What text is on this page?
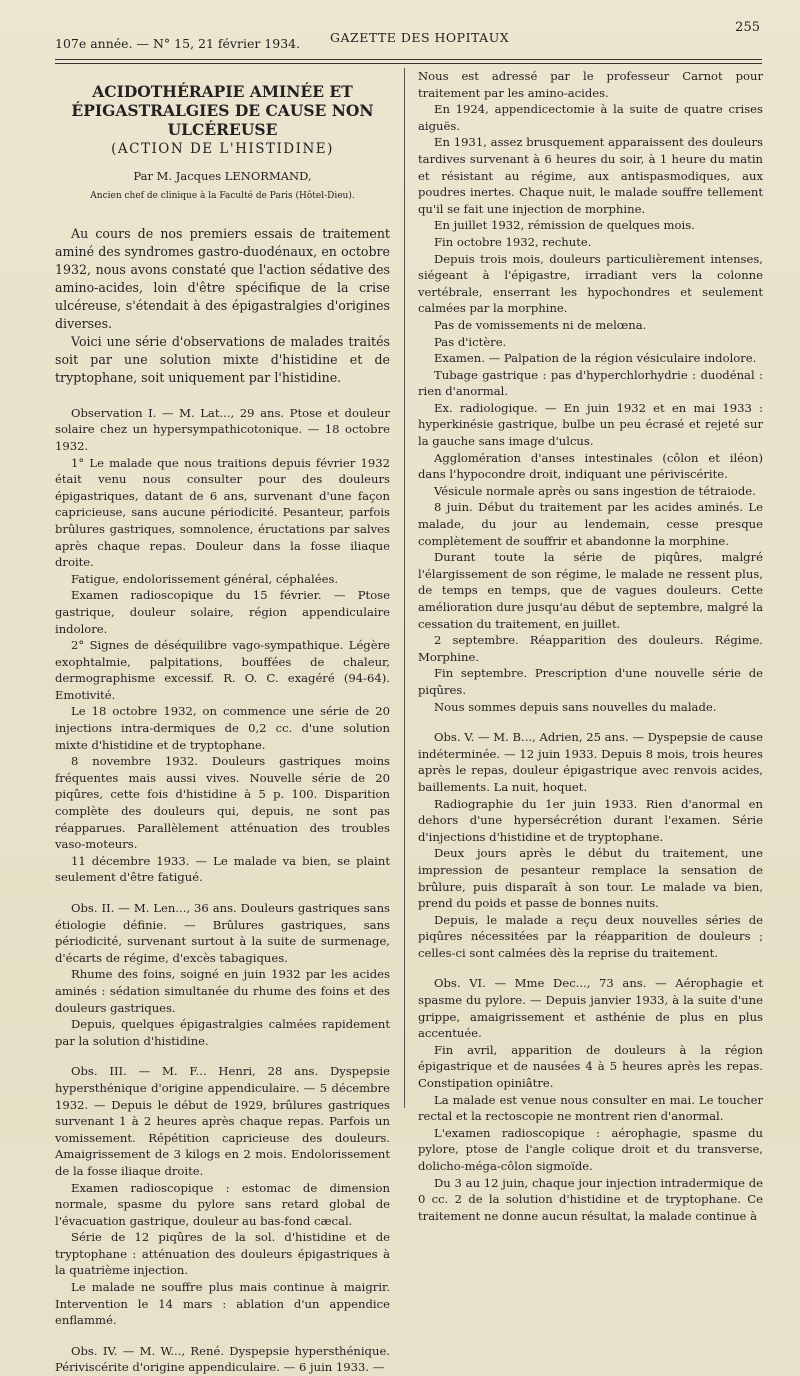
107e année. — N° 15, 21 février 1934. GAZETTE DES HOPITAUX
255
ACIDOTHÉRAPIE AMINÉE ET ÉPIGASTRALGIES DE CAUSE NON ULCÉREUSE
(ACTION DE L'HISTIDINE)

Par M. Jacques LENORMAND,

Ancien chef de clinique à la Faculté de Paris (Hôtel-Dieu).

Au cours de nos premiers essais de traitement aminé des syndromes gastro-duodénaux, en octobre 1932, nous avons constaté que l'action sédative des amino-acides, loin d'être spécifique de la crise ulcéreuse, s'étendait à des épigastralgies d'origines diverses.

Voici une série d'observations de malades traités soit par une solution mixte d'histidine et de tryptophane, soit uniquement par l'histidine.

Observation I. — M. Lat..., 29 ans. Ptose et douleur solaire chez un hypersympathicotonique. — 18 octobre 1932.

1° Le malade que nous traitions depuis février 1932 était venu nous consulter pour des douleurs épigastriques, datant de 6 ans, survenant d'une façon capricieuse, sans aucune périodicité. Pesanteur, parfois brûlures gastriques, somnolence, éructations par salves après chaque repas. Douleur dans la fosse iliaque droite.

Fatigue, endolorissement général, céphalées.

Examen radioscopique du 15 février. — Ptose gastrique, douleur solaire, région appendiculaire indolore.

2° Signes de déséquilibre vago-sympathique. Légère exophtalmie, palpitations, bouffées de chaleur, dermographisme excessif. R. O. C. exagéré (94-64). Emotivité.

Le 18 octobre 1932, on commence une série de 20 injections intra-dermiques de 0,2 cc. d'une solution mixte d'histidine et de tryptophane.

8 novembre 1932. Douleurs gastriques moins fréquentes mais aussi vives. Nouvelle série de 20 piqûres, cette fois d'histidine à 5 p. 100. Disparition complète des douleurs qui, depuis, ne sont pas réapparues. Parallèlement atténuation des troubles vaso-moteurs.

11 décembre 1933. — Le malade va bien, se plaint seulement d'être fatigué.

Obs. II. — M. Len..., 36 ans. Douleurs gastriques sans étiologie définie. — Brûlures gastriques, sans périodicité, survenant surtout à la suite de surmenage, d'écarts de régime, d'excès tabagiques.

Rhume des foins, soigné en juin 1932 par les acides aminés : sédation simultanée du rhume des foins et des douleurs gastriques.

Depuis, quelques épigastralgies calmées rapidement par la solution d'histidine.

Obs. III. — M. F... Henri, 28 ans. Dyspepsie hypersthénique d'origine appendiculaire. — 5 décembre 1932. — Depuis le début de 1929, brûlures gastriques survenant 1 à 2 heures après chaque repas. Parfois un vomissement. Répétition capricieuse des douleurs. Amaigrissement de 3 kilogs en 2 mois. Endolorissement de la fosse iliaque droite.

Examen radioscopique : estomac de dimension normale, spasme du pylore sans retard global de l'évacuation gastrique, douleur au bas-fond cæcal.

Série de 12 piqûres de la sol. d'histidine et de tryptophane : atténuation des douleurs épigastriques à la quatrième injection.

Le malade ne souffre plus mais continue à maigrir. Intervention le 14 mars : ablation d'un appendice enflammé.

Obs. IV. — M. W..., René. Dyspepsie hypersthénique. Périviscérite d'origine appendiculaire. — 6 juin 1933. —

Nous est adressé par le professeur Carnot pour traitement par les amino-acides.

En 1924, appendicectomie à la suite de quatre crises aiguës.

En 1931, assez brusquement apparaissent des douleurs tardives survenant à 6 heures du soir, à 1 heure du matin et résistant au régime, aux antispasmodiques, aux poudres inertes. Chaque nuit, le malade souffre tellement qu'il se fait une injection de morphine.

En juillet 1932, rémission de quelques mois.

Fin octobre 1932, rechute.

Depuis trois mois, douleurs particulièrement intenses, siégeant à l'épigastre, irradiant vers la colonne vertébrale, enserrant les hypochondres et seulement calmées par la morphine.

Pas de vomissements ni de melœna.

Pas d'ictère.

Examen. — Palpation de la région vésiculaire indolore.

Tubage gastrique : pas d'hyperchlorhydrie : duodénal : rien d'anormal.

Ex. radiologique. — En juin 1932 et en mai 1933 : hyperkinésie gastrique, bulbe un peu écrasé et rejeté sur la gauche sans image d'ulcus.

Agglomération d'anses intestinales (côlon et iléon) dans l'hypocondre droit, indiquant une périviscérite.

Vésicule normale après ou sans ingestion de tétraiode.

8 juin. Début du traitement par les acides aminés. Le malade, du jour au lendemain, cesse presque complètement de souffrir et abandonne la morphine.

Durant toute la série de piqûres, malgré l'élargissement de son régime, le malade ne ressent plus, de temps en temps, que de vagues douleurs. Cette amélioration dure jusqu'au début de septembre, malgré la cessation du traitement, en juillet.

2 septembre. Réapparition des douleurs. Régime. Morphine.

Fin septembre. Prescription d'une nouvelle série de piqûres.

Nous sommes depuis sans nouvelles du malade.

Obs. V. — M. B..., Adrien, 25 ans. — Dyspepsie de cause indéterminée. — 12 juin 1933. Depuis 8 mois, trois heures après le repas, douleur épigastrique avec renvois acides, baillements. La nuit, hoquet.

Radiographie du 1er juin 1933. Rien d'anormal en dehors d'une hypersécrétion durant l'examen. Série d'injections d'histidine et de tryptophane.

Deux jours après le début du traitement, une impression de pesanteur remplace la sensation de brûlure, puis disparaît à son tour. Le malade va bien, prend du poids et passe de bonnes nuits.

Depuis, le malade a reçu deux nouvelles séries de piqûres nécessitées par la réapparition de douleurs ; celles-ci sont calmées dès la reprise du traitement.

Obs. VI. — Mme Dec..., 73 ans. — Aérophagie et spasme du pylore. — Depuis janvier 1933, à la suite d'une grippe, amaigrissement et asthénie de plus en plus accentuée.

Fin avril, apparition de douleurs à la région épigastrique et de nausées 4 à 5 heures après les repas. Constipation opiniâtre.

La malade est venue nous consulter en mai. Le toucher rectal et la rectoscopie ne montrent rien d'anormal.

L'examen radioscopique : aérophagie, spasme du pylore, ptose de l'angle colique droit et du transverse, dolicho-méga-côlon sigmoïde.

Du 3 au 12 juin, chaque jour injection intradermique de 0 cc. 2 de la solution d'histidine et de tryptophane. Ce traitement ne donne aucun résultat, la malade continue à
